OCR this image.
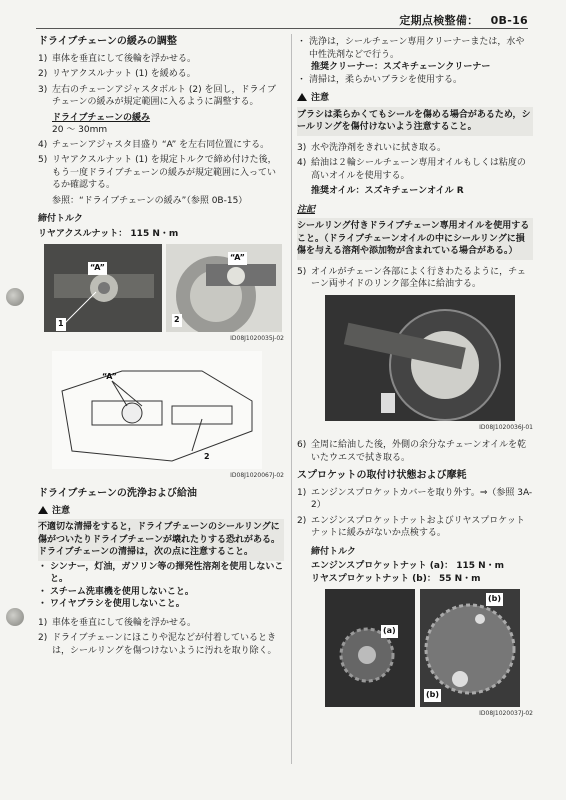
定期点検整備： 0B-16
ドライブチェーンの緩みの調整
1) 車体を垂直にして後輪を浮かせる。
2) リヤアクスルナット (1) を緩める。
3) 左右のチェーンアジャスタボルト (2) を回し，ドライブチェーンの緩みが規定範囲に入るように調整する。
ドライブチェーンの緩み
20 ～ 30mm
4) チェーンアジャスタ目盛り “A” を左右同位置にする。
5) リヤアクスルナット (1) を規定トルクで締め付けた後，もう一度ドライブチェーンの緩みが規定範囲に入っているか確認する。
参照：“ドライブチェーンの緩み”（参照 0B-15）
締付トルク
リヤアクスルナット： 115 N・m
“A”
1
“A”
2
ID08J1020035J-02
“A”
2
ID08J1020067J-02
ドライブチェーンの洗浄および給油
注意
不適切な清掃をすると，ドライブチェーンのシールリングに傷がついたりドライブチェーンが壊れたりする恐れがある。ドライブチェーンの清掃は，次の点に注意すること。
・ シンナー，灯油，ガソリン等の揮発性溶剤を使用しないこと。
・ スチーム洗車機を使用しないこと。
・ ワイヤブラシを使用しないこと。
1) 車体を垂直にして後輪を浮かせる。
2) ドライブチェーンにほこりや泥などが付着しているときは，シールリングを傷つけないように汚れを取り除く。
・ 洗浄は，シールチェーン専用クリーナーまたは，水や中性洗剤などで行う。
推奨クリーナー：スズキチェーンクリーナー
・ 清掃は，柔らかいブラシを使用する。
注意
ブラシは柔らかくてもシールを傷める場合があるため，シールリングを傷付けないよう注意すること。
3) 水や洗浄剤をきれいに拭き取る。
4) 給油は２輪シールチェーン専用オイルもしくは粘度の高いオイルを使用する。
推奨オイル：スズキチェーンオイル R
注記
シールリング付きドライブチェーン専用オイルを使用すること。（ドライブチェーンオイルの中にシールリングに損傷を与える溶剤や添加物が含まれている場合がある。）
5) オイルがチェーン各部によく行きわたるように，チェーン両サイドのリンク部全体に給油する。
ID08J1020036J-01
6) 全周に給油した後，外側の余分なチェーンオイルを乾いたウエスで拭き取る。
スプロケットの取付け状態および摩耗
1) エンジンスプロケットカバーを取り外す。⇒（参照 3A-2）
2) エンジンスプロケットナットおよびリヤスプロケットナットに緩みがないか点検する。
締付トルク
エンジンスプロケットナット (a)： 115 N・m
リヤスプロケットナット (b)： 55 N・m
(a)
(b)
(b)
ID08J1020037J-02
